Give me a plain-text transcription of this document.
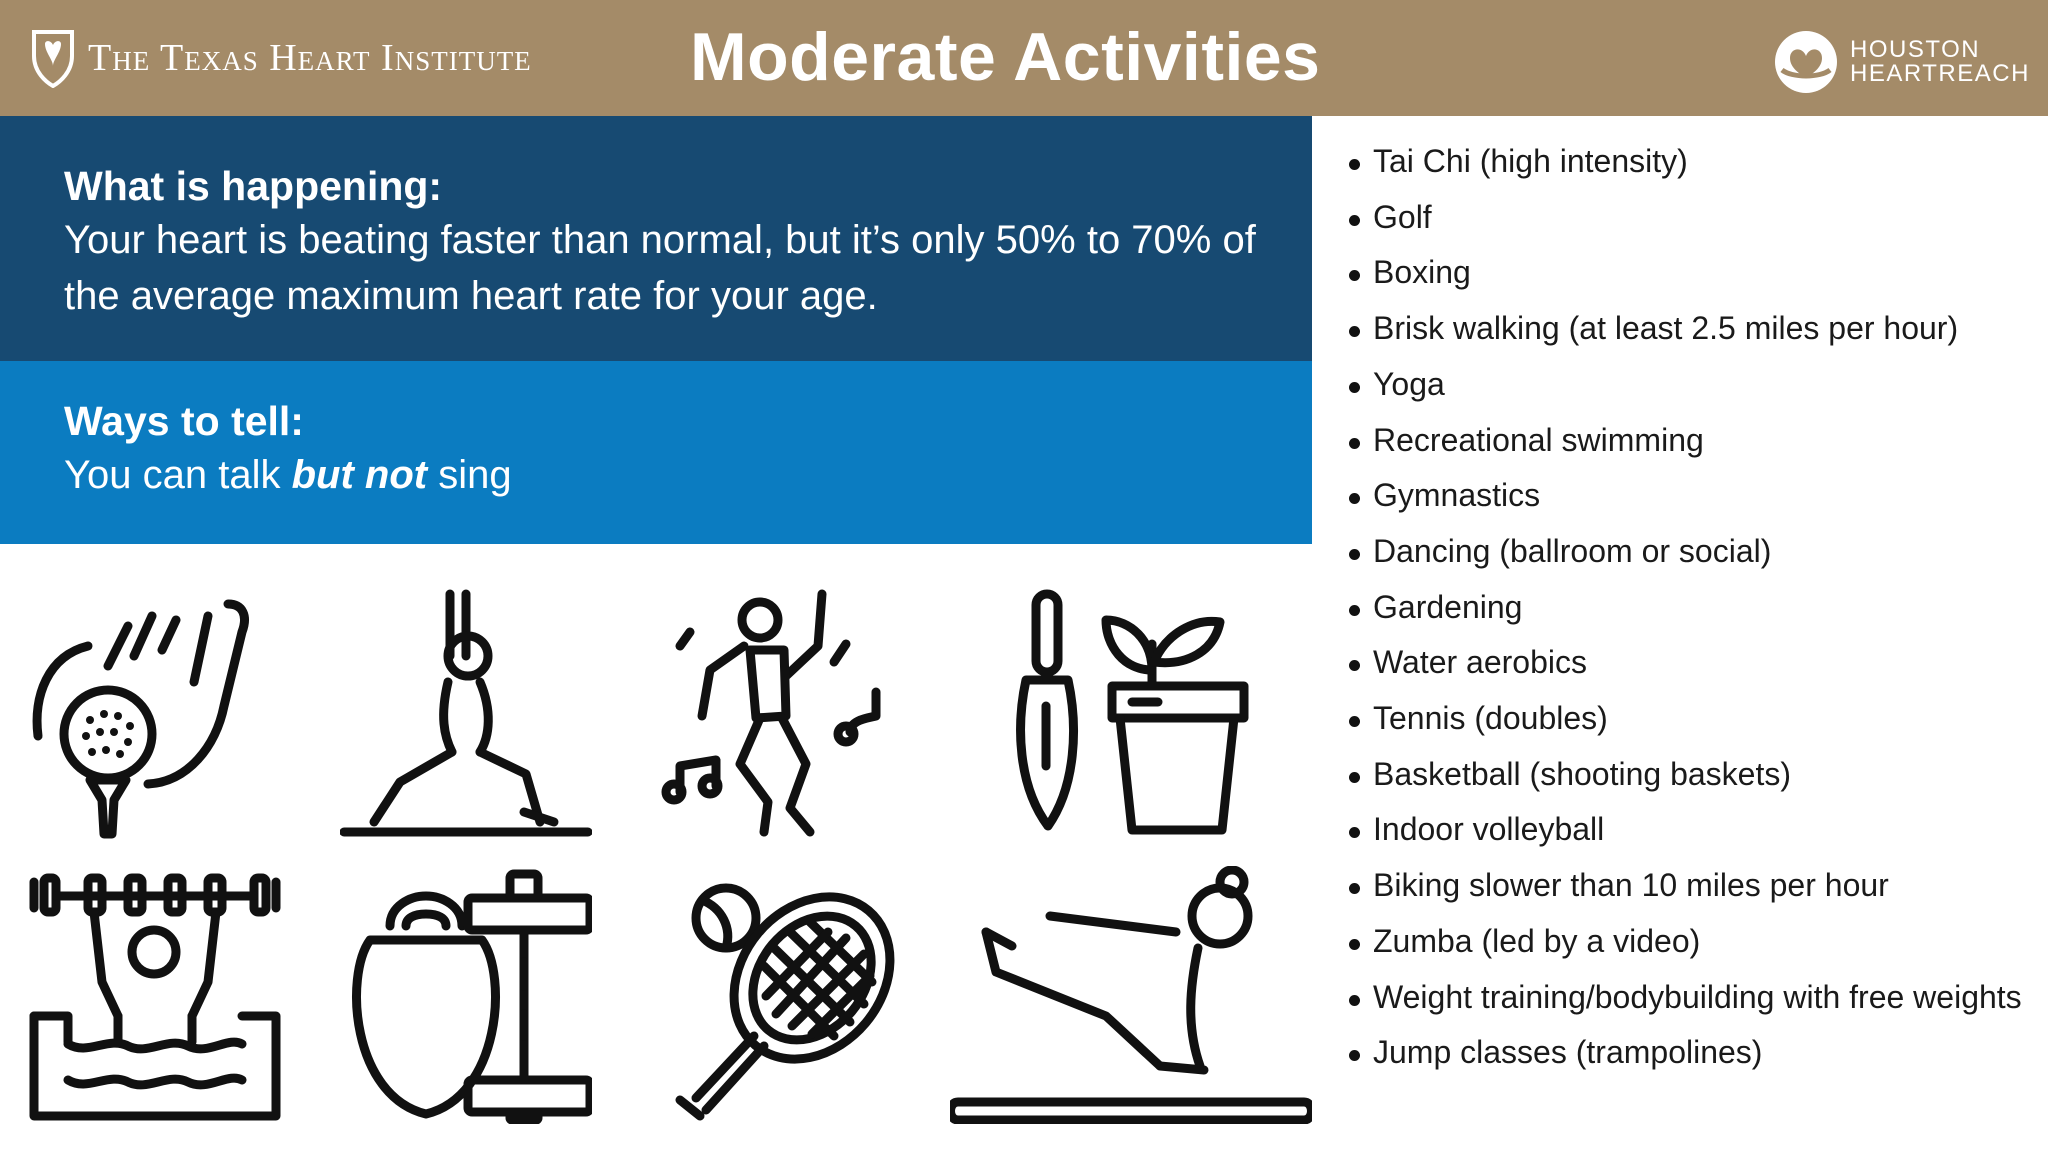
The Texas Heart Institute Moderate Activities	HOUSTON
HEARTREACH
What is happening:
Your heart is beating faster than normal, but it’s only 50% to 70% of the average maximum heart rate for your age.
Ways to tell:
You can talk but not sing
Tai Chi (high intensity)
Golf
Boxing
Brisk walking (at least 2.5 miles per hour)
Yoga
Recreational swimming
Gymnastics
Dancing (ballroom or social)
Gardening
Water aerobics
Tennis (doubles)
Basketball (shooting baskets)
Indoor volleyball
Biking slower than 10 miles per hour
Zumba (led by a video)
Weight training/bodybuilding with free weights
Jump classes (trampolines)
